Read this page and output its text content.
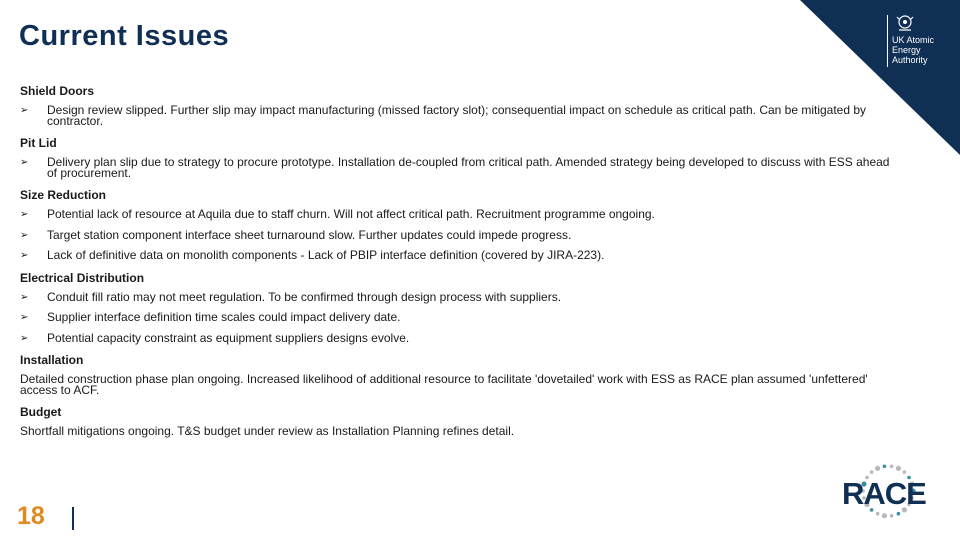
UK Atomic
Energy
Authority
Current Issues
Shield Doors
➢ Design review slipped. Further slip may impact manufacturing (missed factory slot); consequential impact on schedule as critical path. Can be mitigated by contractor.
Pit Lid
➢ Delivery plan slip due to strategy to procure prototype. Installation de-coupled from critical path. Amended strategy being developed to discuss with ESS ahead of procurement.
Size Reduction
➢ Potential lack of resource at Aquila due to staff churn. Will not affect critical path. Recruitment programme ongoing.
➢ Target station component interface sheet turnaround slow. Further updates could impede progress.
➢ Lack of definitive data on monolith components - Lack of PBIP interface definition (covered by JIRA-223).
Electrical Distribution
➢ Conduit fill ratio may not meet regulation. To be confirmed through design process with suppliers.
➢ Supplier interface definition time scales could impact delivery date.
➢ Potential capacity constraint as equipment suppliers designs evolve.
Installation
Detailed construction phase plan ongoing. Increased likelihood of additional resource to facilitate 'dovetailed' work with ESS as RACE plan assumed 'unfettered' access to ACF.
Budget
Shortfall mitigations ongoing. T&S budget under review as Installation Planning refines detail.
18
RACE
